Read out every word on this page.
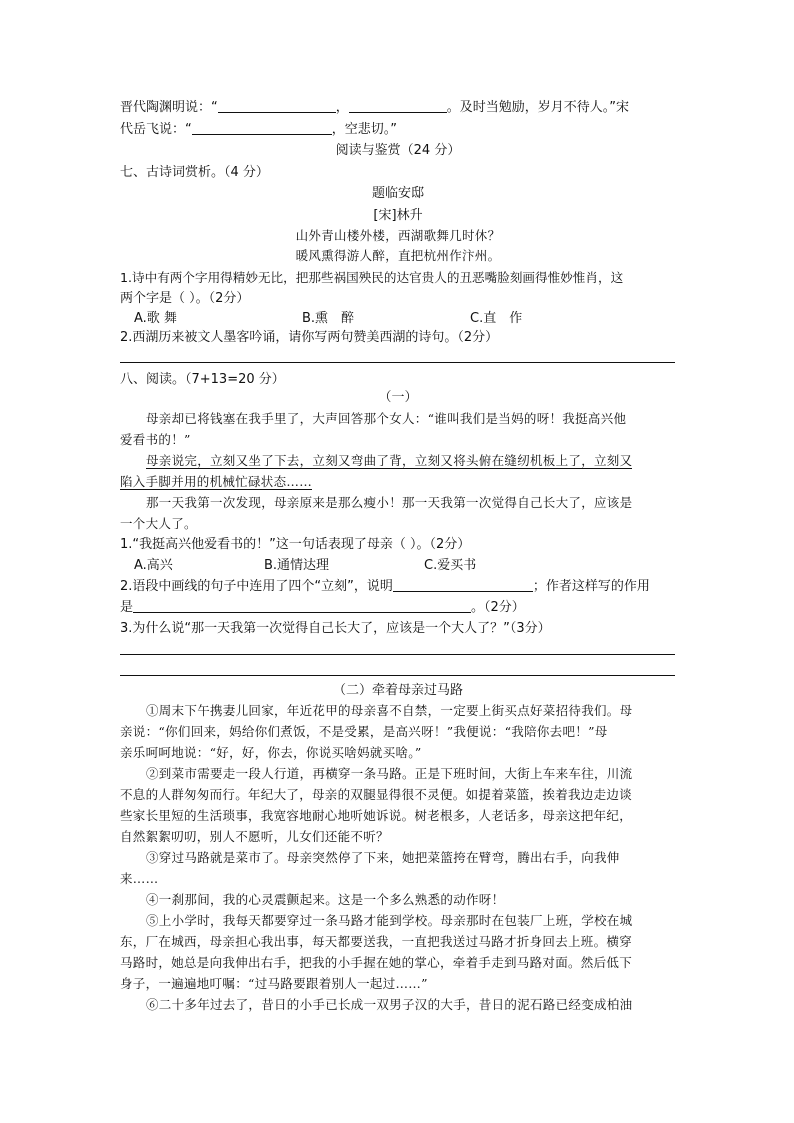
晋代陶渊明说：“	，	。及时当勉励，岁月不待人。”宋
代岳飞说：“	，空悲切。”
阅读与鉴赏（24 分）
七、古诗词赏析。（4 分）
题临安邸
[宋]林升
山外青山楼外楼，西湖歌舞几时休？
暖风熏得游人醉，直把杭州作汴州。
1.诗中有两个字用得精妙无比，把那些祸国殃民的达官贵人的丑恶嘴脸刻画得惟妙惟肖，这
两个字是（ ）。（2分）
A.歌 舞	B.熏　醉	C.直　作
2.西湖历来被文人墨客吟诵，请你写两句赞美西湖的诗句。（2分）
八、阅读。（7+13=20 分）
（一）
母亲却已将钱塞在我手里了，大声回答那个女人：“谁叫我们是当妈的呀！我挺高兴他
爱看书的！”
母亲说完，立刻又坐了下去，立刻又弯曲了背，立刻又将头俯在缝纫机板上了，立刻又
陷入手脚并用的机械忙碌状态……
那一天我第一次发现，母亲原来是那么瘦小！那一天我第一次觉得自己长大了，应该是
一个大人了。
1.“我挺高兴他爱看书的！”这一句话表现了母亲（ ）。（2分）
A.高兴	B.通情达理	C.爱买书
2.语段中画线的句子中连用了四个“立刻”，说明	；作者这样写的作用
是	。（2分）
3.为什么说“那一天我第一次觉得自己长大了，应该是一个大人了？”（3分）
（二）牵着母亲过马路
①周末下午携妻儿回家，年近花甲的母亲喜不自禁，一定要上街买点好菜招待我们。母
亲说：“你们回来，妈给你们煮饭，不是受累，是高兴呀！”我便说：“我陪你去吧！”母
亲乐呵呵地说：“好，好，你去，你说买啥妈就买啥。”
②到菜市需要走一段人行道，再横穿一条马路。正是下班时间，大街上车来车往，川流
不息的人群匆匆而行。年纪大了，母亲的双腿显得很不灵便。如提着菜篮，挨着我边走边谈
些家长里短的生活琐事，我宽容地耐心地听她诉说。树老根多，人老话多，母亲这把年纪，
自然絮絮叨叨，别人不愿听，儿女们还能不听？
③穿过马路就是菜市了。母亲突然停了下来，她把菜篮挎在臂弯，腾出右手，向我伸
来……
④一刹那间，我的心灵震颤起来。这是一个多么熟悉的动作呀！
⑤上小学时，我每天都要穿过一条马路才能到学校。母亲那时在包装厂上班，学校在城
东，厂在城西，母亲担心我出事，每天都要送我，一直把我送过马路才折身回去上班。横穿
马路时，她总是向我伸出右手，把我的小手握在她的掌心，牵着手走到马路对面。然后低下
身子，一遍遍地叮嘱：“过马路要跟着别人一起过……”
⑥二十多年过去了，昔日的小手已长成一双男子汉的大手，昔日的泥石路已经变成柏油
